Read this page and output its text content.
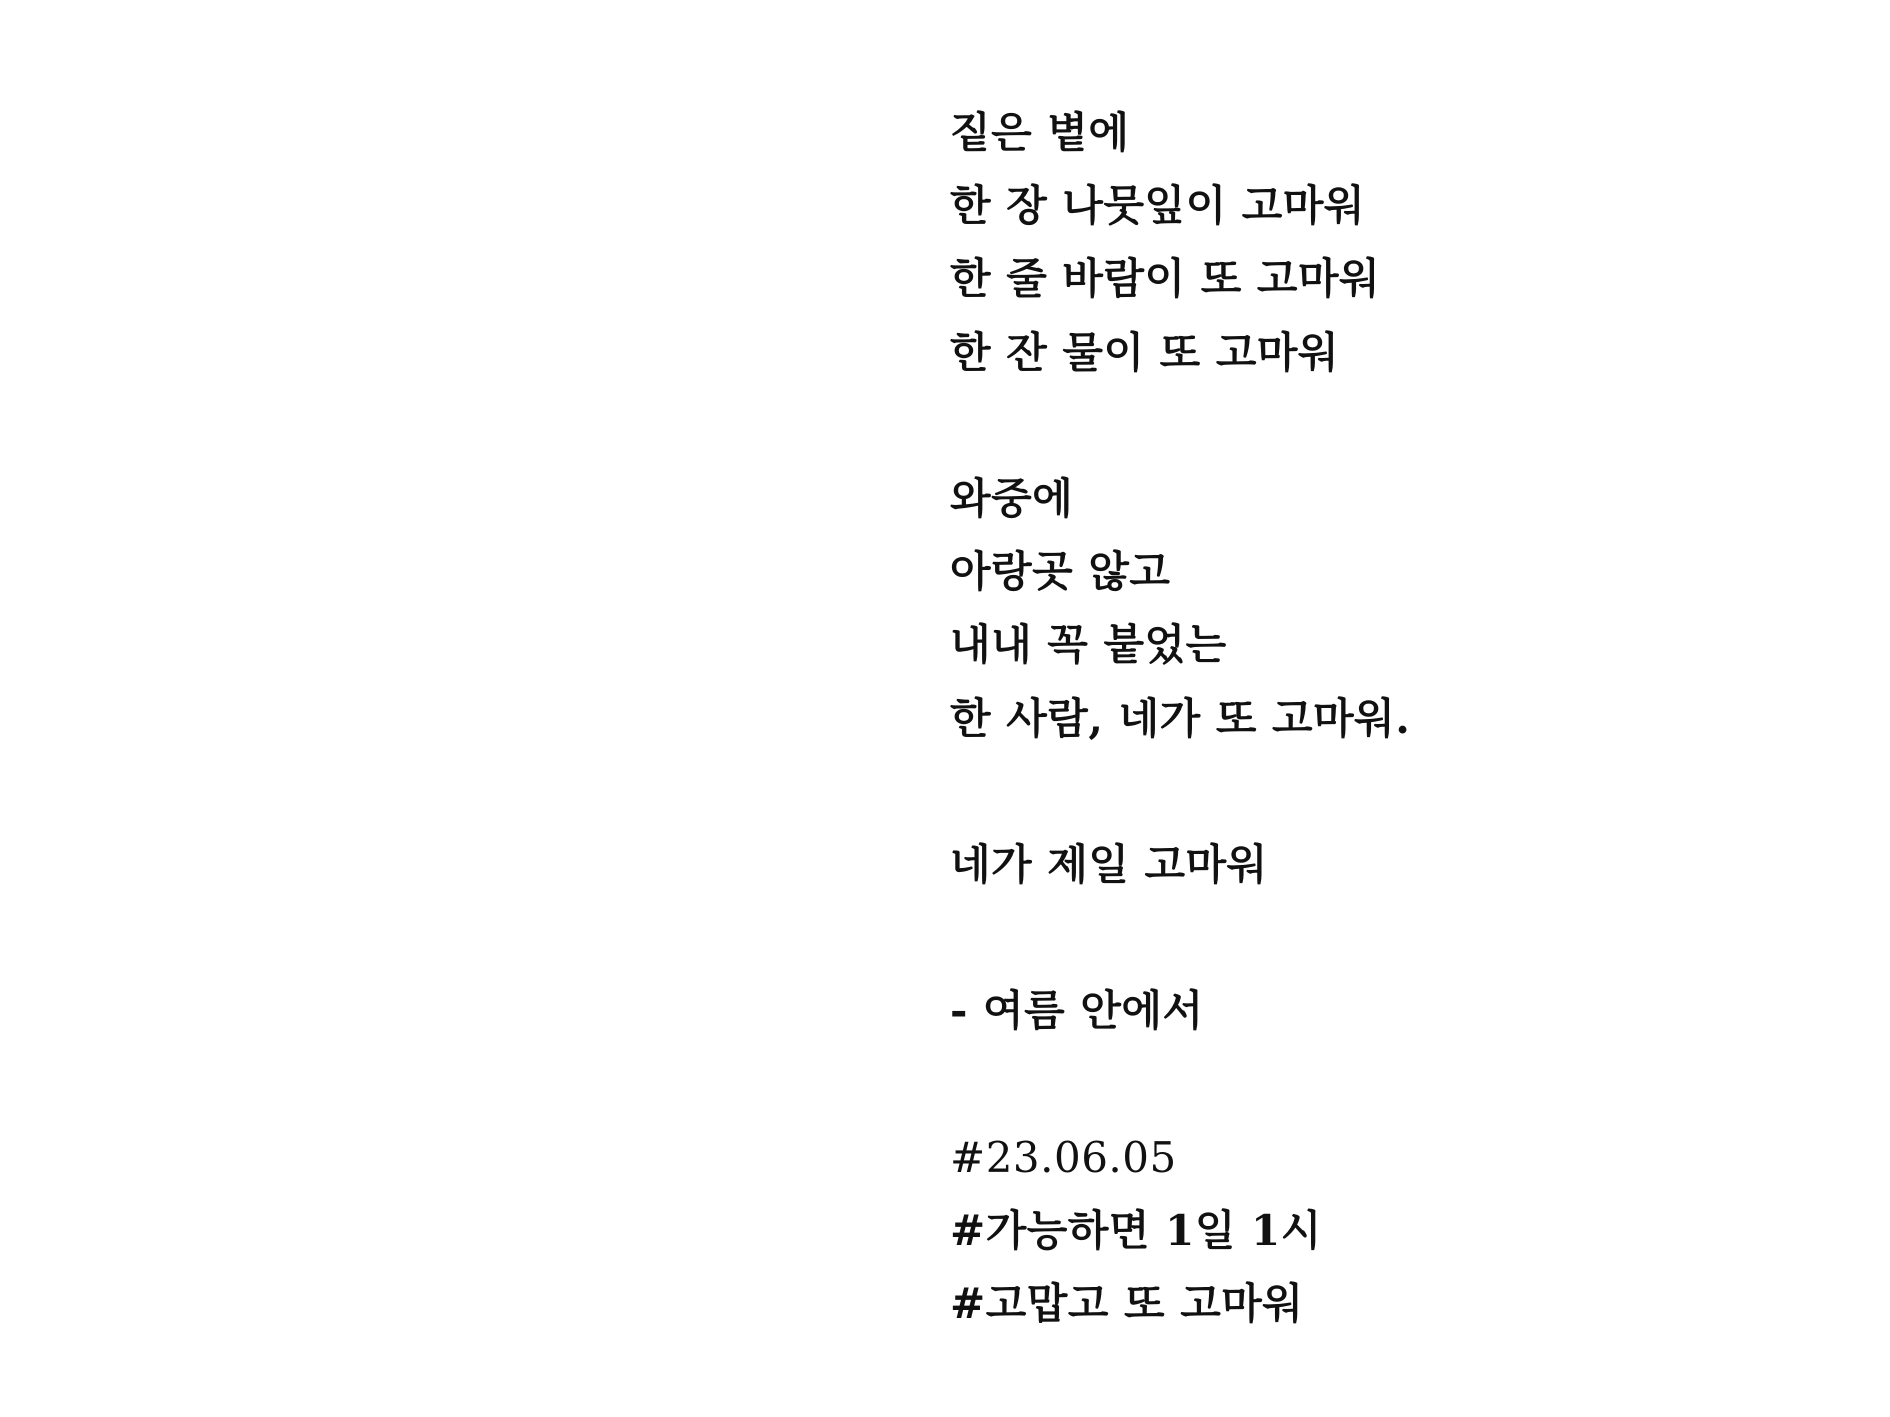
짙은 볕에
한 장 나뭇잎이 고마워
한 줄 바람이 또 고마워
한 잔 물이 또 고마워
와중에
아랑곳 않고
내내 꼭 붙었는
한 사람, 네가 또 고마워.
네가 제일 고마워
- 여름 안에서
#23.06.05
#가능하면 1일 1시
#고맙고 또 고마워
